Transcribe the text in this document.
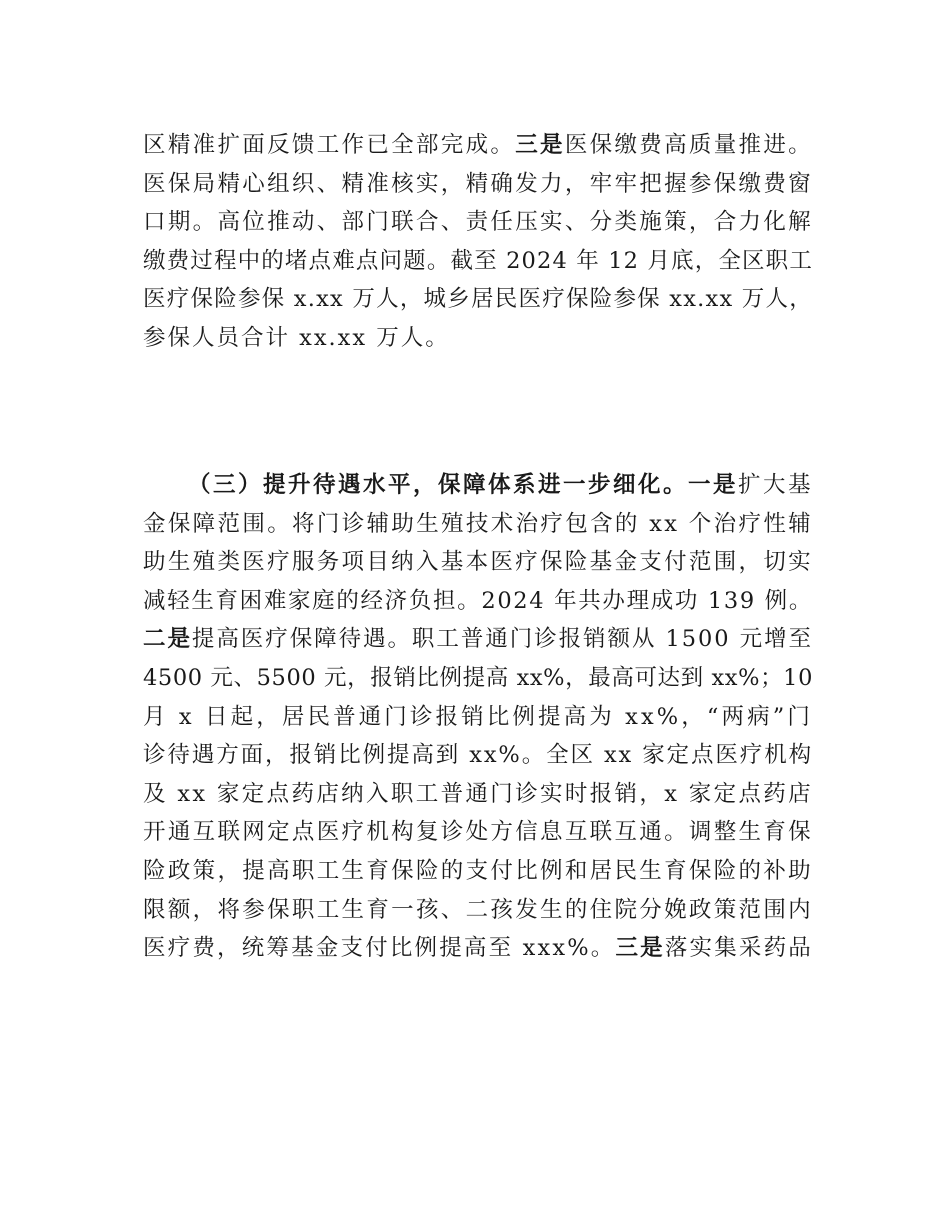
区精准扩面反馈工作已全部完成。三是医保缴费高质量推进。
医保局精心组织、精准核实，精确发力，牢牢把握参保缴费窗
口期。高位推动、部门联合、责任压实、分类施策，合力化解
缴费过程中的堵点难点问题。截至 2024 年 12 月底，全区职工
医疗保险参保 x.xx 万人，城乡居民医疗保险参保 xx.xx 万人，
参保人员合计 xx.xx 万人。
（三）提升待遇水平，保障体系进一步细化。一是扩大基
金保障范围。将门诊辅助生殖技术治疗包含的 xx 个治疗性辅
助生殖类医疗服务项目纳入基本医疗保险基金支付范围，切实
减轻生育困难家庭的经济负担。2024 年共办理成功 139 例。
二是提高医疗保障待遇。职工普通门诊报销额从 1500 元增至
4500 元、5500 元，报销比例提高 xx%，最高可达到 xx%；10
月 x 日起，居民普通门诊报销比例提高为 xx%，“两病”门
诊待遇方面，报销比例提高到 xx%。全区 xx 家定点医疗机构
及 xx 家定点药店纳入职工普通门诊实时报销，x 家定点药店
开通互联网定点医疗机构复诊处方信息互联互通。调整生育保
险政策，提高职工生育保险的支付比例和居民生育保险的补助
限额，将参保职工生育一孩、二孩发生的住院分娩政策范围内
医疗费，统筹基金支付比例提高至 xxx%。三是落实集采药品
